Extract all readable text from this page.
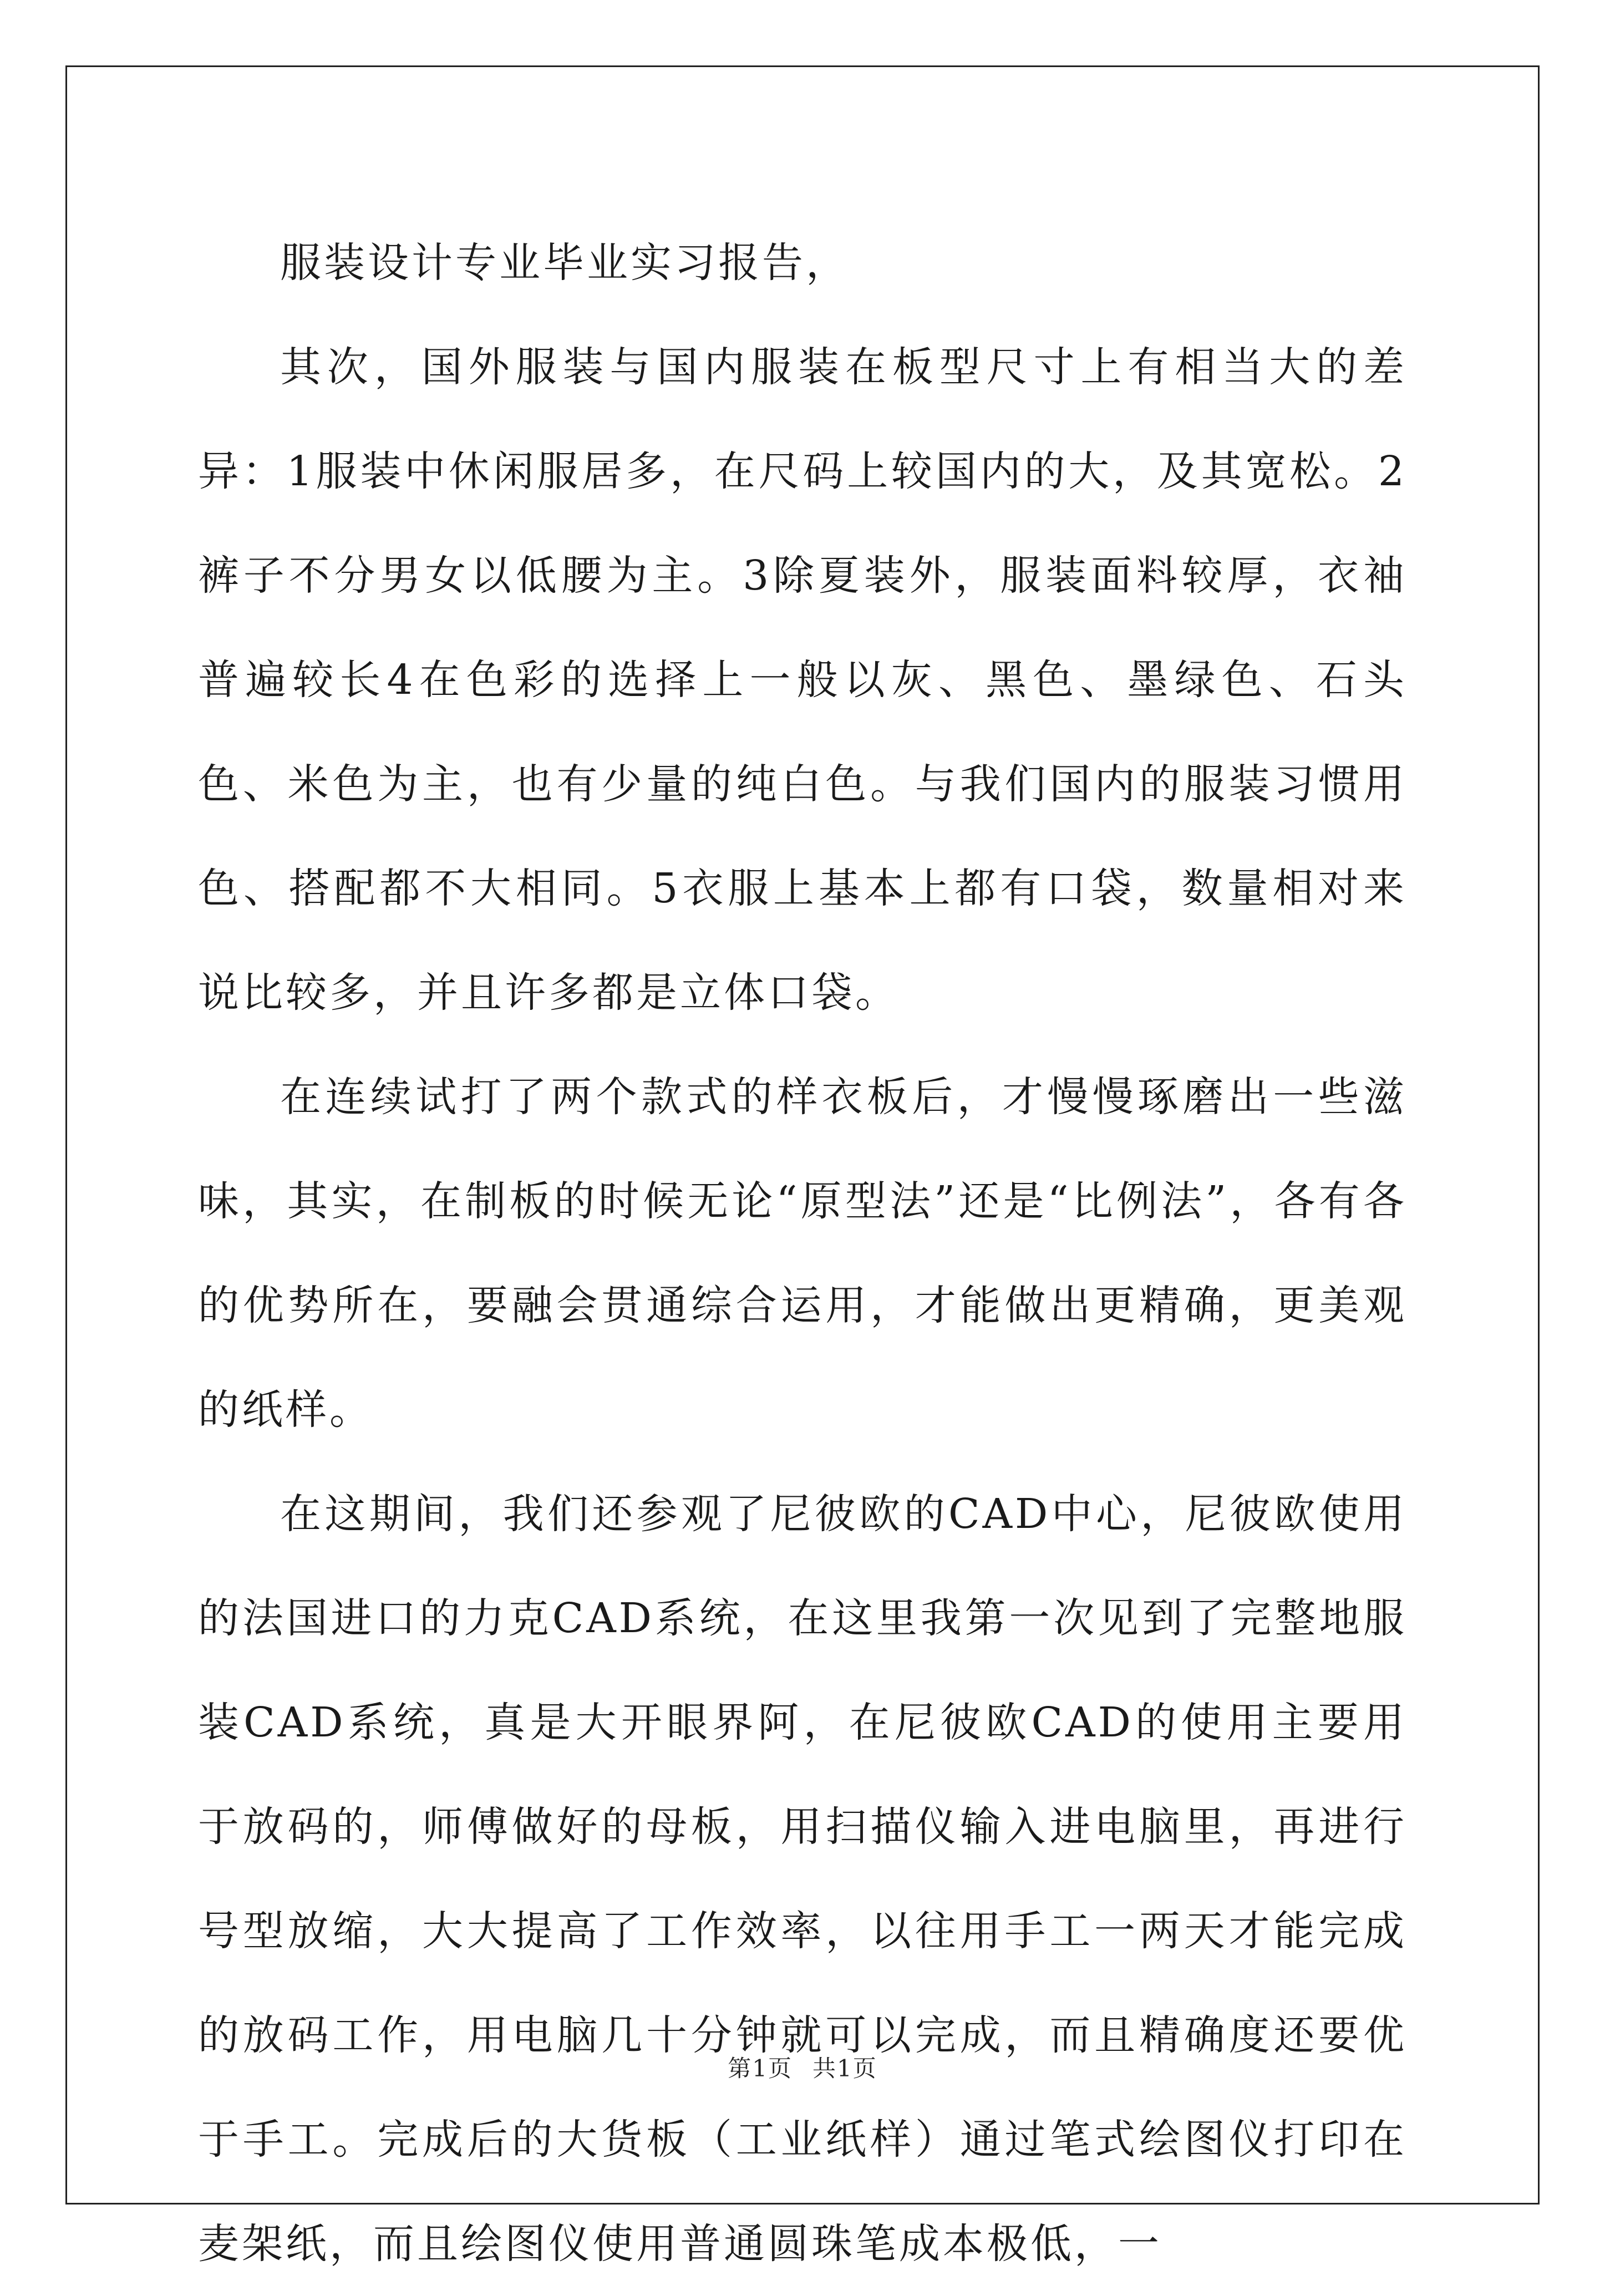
服装设计专业毕业实习报告，

其次，国外服装与国内服装在板型尺寸上有相当大的差异：1服装中休闲服居多，在尺码上较国内的大，及其宽松。2裤子不分男女以低腰为主。3除夏装外，服装面料较厚，衣袖普遍较长4在色彩的选择上一般以灰、黑色、墨绿色、石头色、米色为主，也有少量的纯白色。与我们国内的服装习惯用色、搭配都不大相同。5衣服上基本上都有口袋，数量相对来说比较多，并且许多都是立体口袋。

在连续试打了两个款式的样衣板后，才慢慢琢磨出一些滋味，其实，在制板的时候无论“原型法”还是“比例法”，各有各的优势所在，要融会贯通综合运用，才能做出更精确，更美观的纸样。

在这期间，我们还参观了尼彼欧的CAD中心，尼彼欧使用的法国进口的力克CAD系统，在这里我第一次见到了完整地服装CAD系统，真是大开眼界阿，在尼彼欧CAD的使用主要用于放码的，师傅做好的母板，用扫描仪输入进电脑里，再进行号型放缩，大大提高了工作效率，以往用手工一两天才能完成的放码工作，用电脑几十分钟就可以完成，而且精确度还要优于手工。完成后的大货板（工业纸样）通过笔式绘图仪打印在麦架纸，而且绘图仪使用普通圆珠笔成本极低，一

第1页 共1页
